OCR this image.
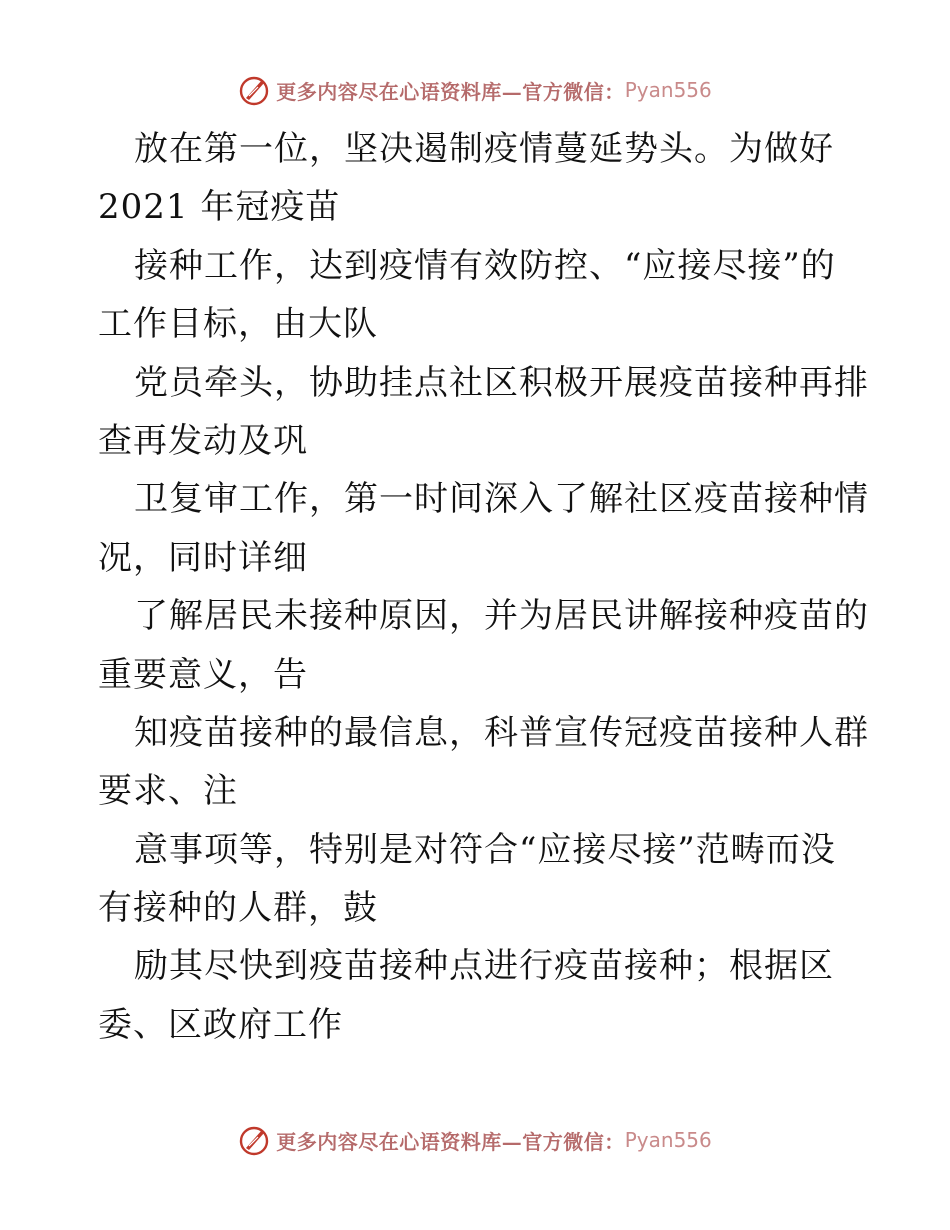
更多内容尽在心语资料库—官方微信： Pyan556
放在第一位，坚决遏制疫情蔓延势头。为做好
2021 年冠疫苗
接种工作，达到疫情有效防控、“应接尽接”的
工作目标，由大队
党员牵头，协助挂点社区积极开展疫苗接种再排
查再发动及巩
卫复审工作，第一时间深入了解社区疫苗接种情
况，同时详细
了解居民未接种原因，并为居民讲解接种疫苗的
重要意义，告
知疫苗接种的最信息，科普宣传冠疫苗接种人群
要求、注
意事项等，特别是对符合“应接尽接”范畴而没
有接种的人群，鼓
励其尽快到疫苗接种点进行疫苗接种；根据区
委、区政府工作
更多内容尽在心语资料库—官方微信： Pyan556
